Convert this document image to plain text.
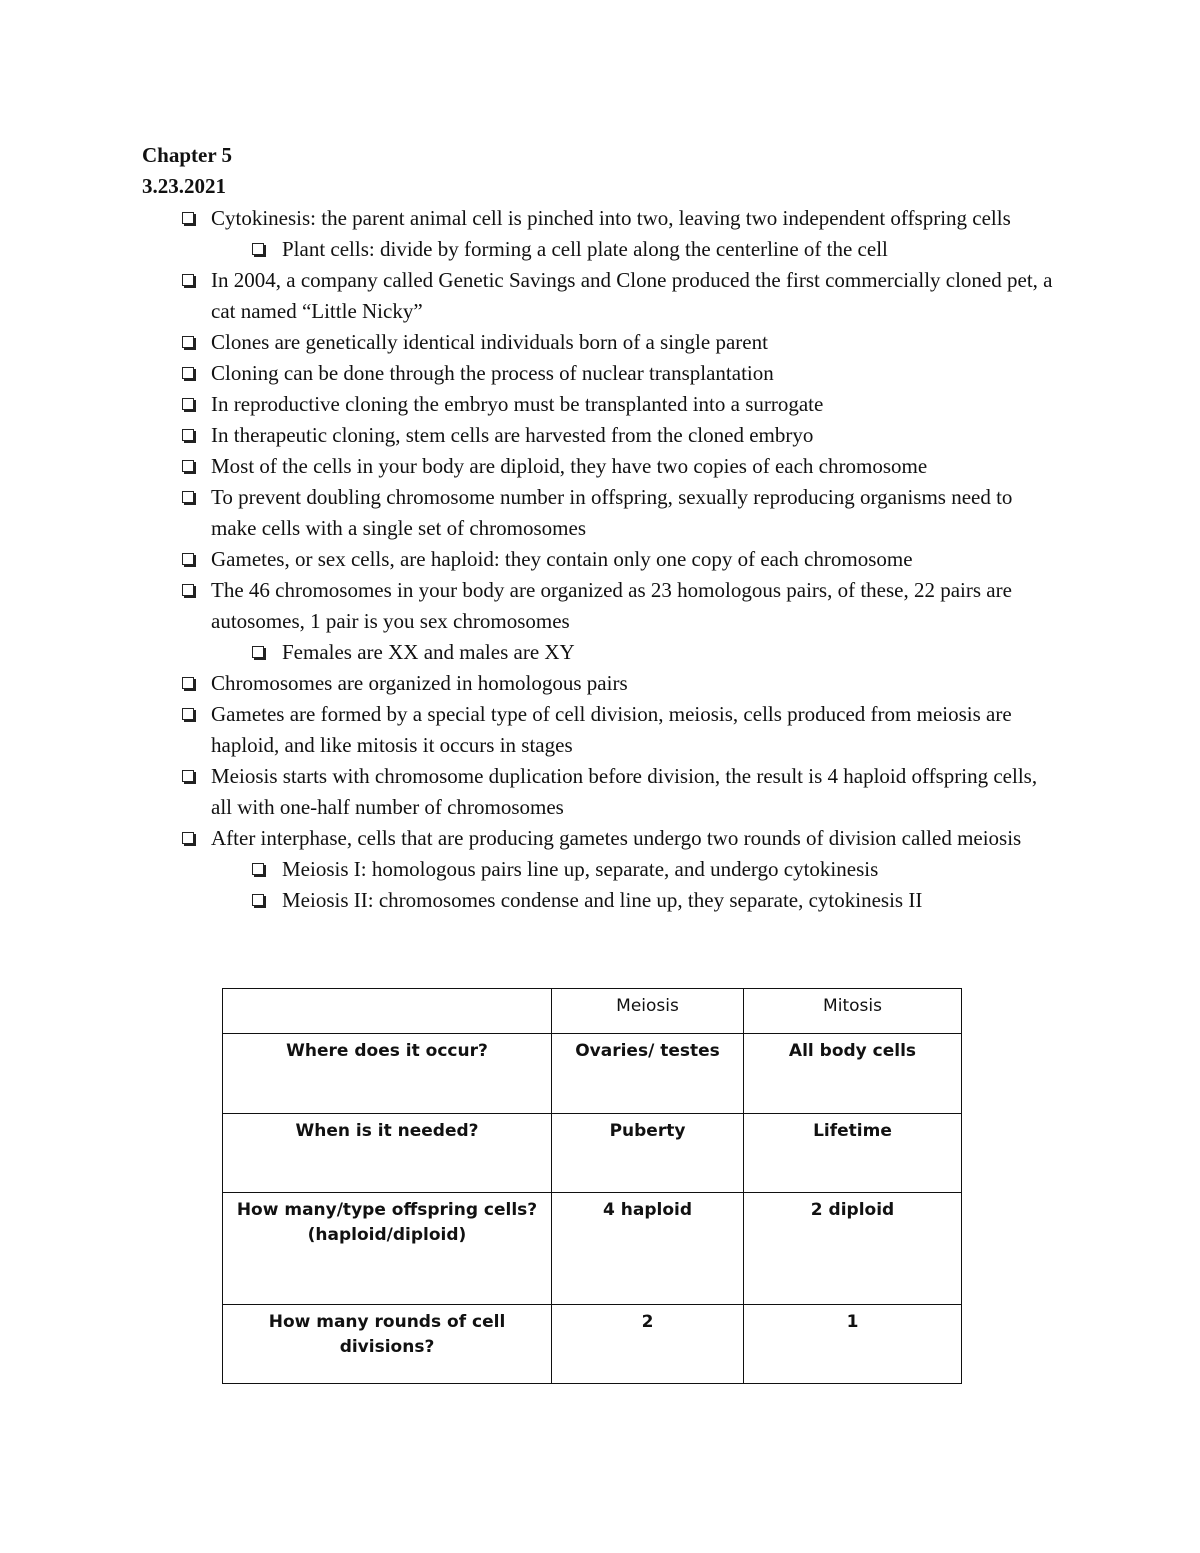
Chapter 5
3.23.2021
Cytokinesis: the parent animal cell is pinched into two, leaving two independent offspring cells
Plant cells: divide by forming a cell plate along the centerline of the cell
In 2004, a company called Genetic Savings and Clone produced the first commercially cloned pet, a cat named “Little Nicky”
Clones are genetically identical individuals born of a single parent
Cloning can be done through the process of nuclear transplantation
In reproductive cloning the embryo must be transplanted into a surrogate
In therapeutic cloning, stem cells are harvested from the cloned embryo
Most of the cells in your body are diploid, they have two copies of each chromosome
To prevent doubling chromosome number in offspring, sexually reproducing organisms need to make cells with a single set of chromosomes
Gametes, or sex cells, are haploid: they contain only one copy of each chromosome
The 46 chromosomes in your body are organized as 23 homologous pairs, of these, 22 pairs are autosomes, 1 pair is you sex chromosomes
Females are XX and males are XY
Chromosomes are organized in homologous pairs
Gametes are formed by a special type of cell division, meiosis, cells produced from meiosis are haploid, and like mitosis it occurs in stages
Meiosis starts with chromosome duplication before division, the result is 4 haploid offspring cells, all with one-half number of chromosomes
After interphase, cells that are producing gametes undergo two rounds of division called meiosis
Meiosis I: homologous pairs line up, separate, and undergo cytokinesis
Meiosis II: chromosomes condense and line up, they separate, cytokinesis II
	Meiosis	Mitosis
Where does it occur?	Ovaries/ testes	All body cells
When is it needed?	Puberty	Lifetime
How many/type offspring cells?
(haploid/diploid)	4 haploid	2 diploid
How many rounds of cell divisions?	2	1
